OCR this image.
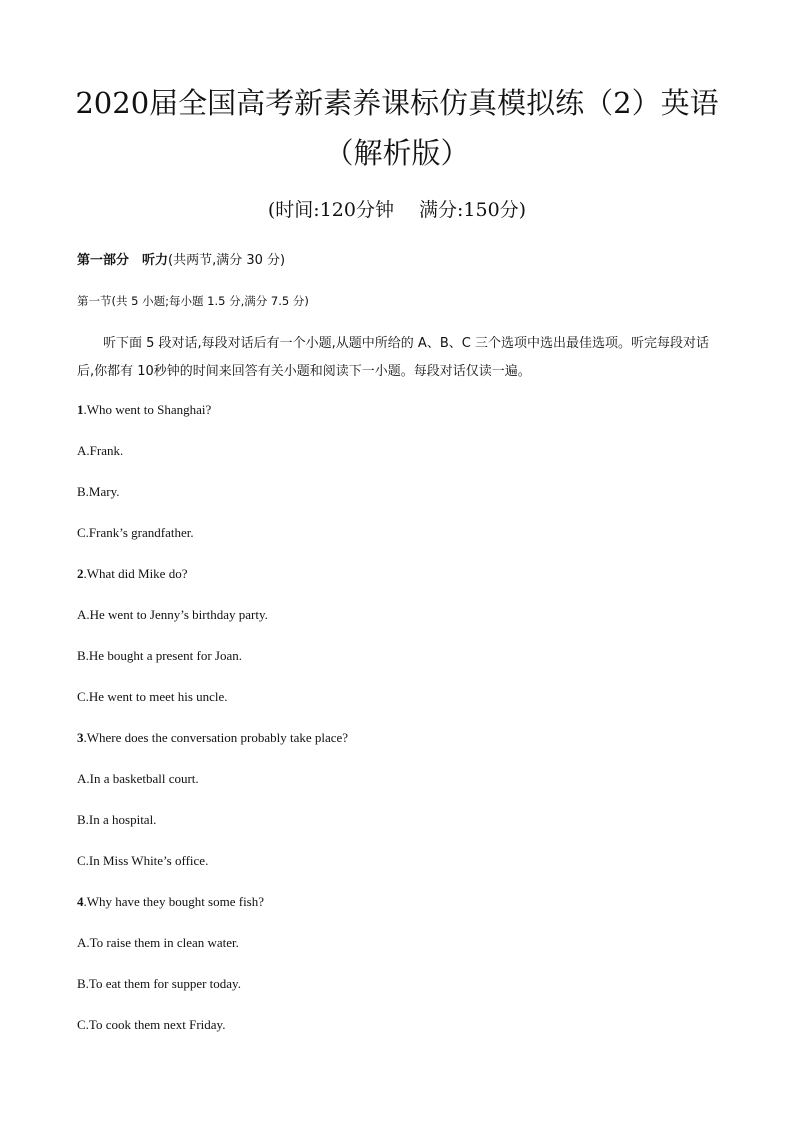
2020届全国高考新素养课标仿真模拟练（2）英语（解析版）
(时间:120分钟　 满分:150分)
第一部分　听力(共两节,满分 30 分)
第一节(共 5 小题;每小题 1.5 分,满分 7.5 分)

听下面 5 段对话,每段对话后有一个小题,从题中所给的 A、B、C 三个选项中选出最佳选项。听完每段对话后,你都有 10秒钟的时间来回答有关小题和阅读下一小题。每段对话仅读一遍。

1.Who went to Shanghai?
A.Frank.
B.Mary.
C.Frank’s grandfather.
2.What did Mike do?
A.He went to Jenny’s birthday party.
B.He bought a present for Joan.
C.He went to meet his uncle.
3.Where does the conversation probably take place?
A.In a basketball court.
B.In a hospital.
C.In Miss White’s office.
4.Why have they bought some fish?
A.To raise them in clean water.
B.To eat them for supper today.
C.To cook them next Friday.
